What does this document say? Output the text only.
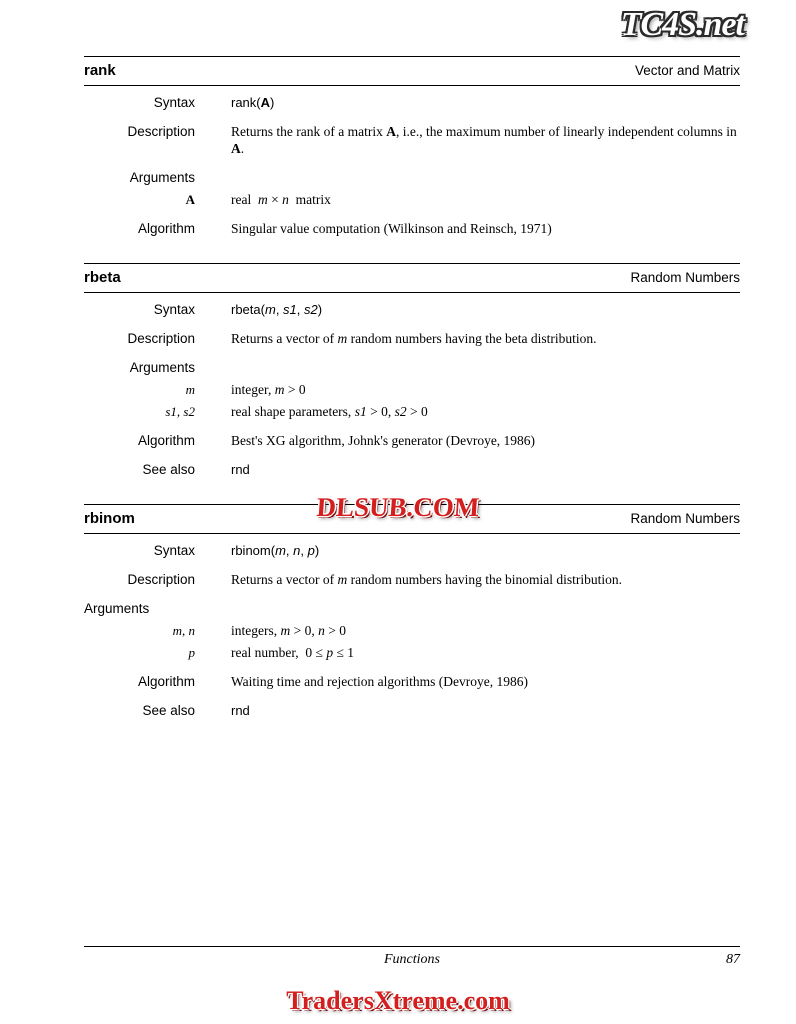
TC4S.net
rank	Vector and Matrix
Syntax	rank(A)
Description	Returns the rank of a matrix A, i.e., the maximum number of linearly independent columns in A.
Arguments
A	real  m × n  matrix
Algorithm	Singular value computation (Wilkinson and Reinsch, 1971)
rbeta	Random Numbers
Syntax	rbeta(m, s1, s2)
Description	Returns a vector of m random numbers having the beta distribution.
Arguments
m	integer, m > 0
s1, s2	real shape parameters, s1 > 0, s2 > 0
Algorithm	Best's XG algorithm, Johnk's generator (Devroye, 1986)
See also	rnd
rbinom	Random Numbers
Syntax	rbinom(m, n, p)
Description	Returns a vector of m random numbers having the binomial distribution.
Arguments
m, n	integers, m > 0, n > 0
p	real number,  0 ≤ p ≤ 1
Algorithm	Waiting time and rejection algorithms (Devroye, 1986)
See also	rnd
DLSUB.COM
Functions	87
TradersXtreme.com
